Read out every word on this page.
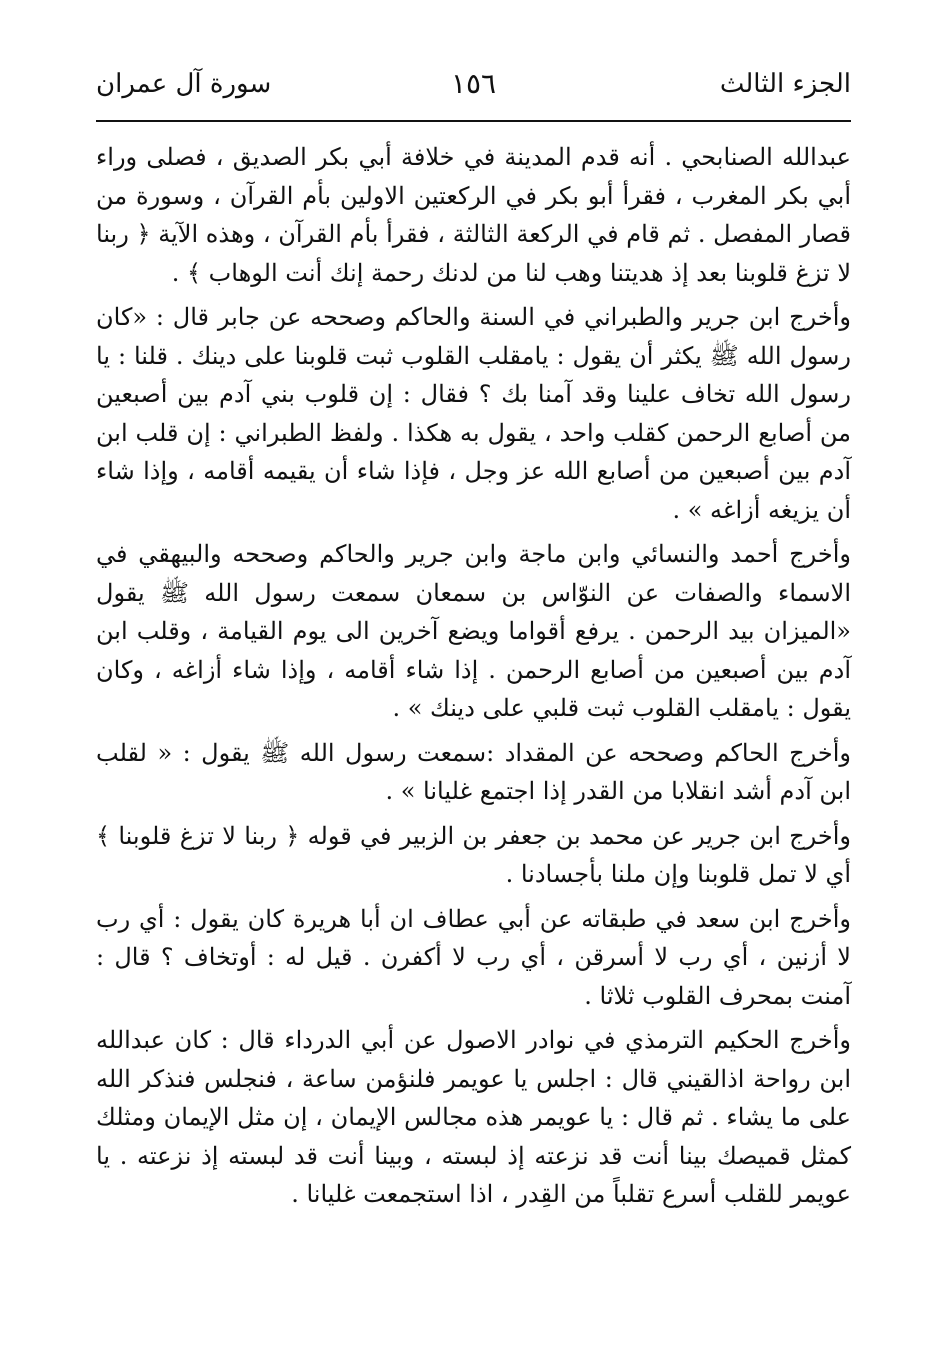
الجزء الثالث
١٥٦
سورة آل عمران

عبدالله الصنابحي . أنه قدم المدينة في خلافة أبي بكر الصديق ، فصلى وراء أبي بكر المغرب ، فقرأ أبو بكر في الركعتين الاولين بأم القرآن ، وسورة من قصار المفصل . ثم قام في الركعة الثالثة ، فقرأ بأم القرآن ، وهذه الآية ﴿ ربنا لا تزغ قلوبنا بعد إذ هديتنا وهب لنا من لدنك رحمة إنك أنت الوهاب ﴾ .

وأخرج ابن جرير والطبراني في السنة والحاكم وصححه عن جابر قال : «كان رسول الله ﷺ يكثر أن يقول : يامقلب القلوب ثبت قلوبنا على دينك . قلنا : يا رسول الله تخاف علينا وقد آمنا بك ؟ فقال : إن قلوب بني آدم بين أصبعين من أصابع الرحمن كقلب واحد ، يقول به هكذا . ولفظ الطبراني : إن قلب ابن آدم بين أصبعين من أصابع الله عز وجل ، فإذا شاء أن يقيمه أقامه ، وإذا شاء أن يزيغه أزاغه » .

وأخرج أحمد والنسائي وابن ماجة وابن جرير والحاكم وصححه والبيهقي في الاسماء والصفات عن النوّاس بن سمعان سمعت رسول الله ﷺ يقول «الميزان بيد الرحمن . يرفع أقواما ويضع آخرين الى يوم القيامة ، وقلب ابن آدم بين أصبعين من أصابع الرحمن . إذا شاء أقامه ، وإذا شاء أزاغه ، وكان يقول : يامقلب القلوب ثبت قلبي على دينك » .

وأخرج الحاكم وصححه عن المقداد :سمعت رسول الله ﷺ يقول : « لقلب ابن آدم أشد انقلابا من القدر إذا اجتمع غليانا » .

وأخرج ابن جرير عن محمد بن جعفر بن الزبير في قوله ﴿ ربنا لا تزغ قلوبنا ﴾ أي لا تمل قلوبنا وإن ملنا بأجسادنا .

وأخرج ابن سعد في طبقاته عن أبي عطاف ان أبا هريرة كان يقول : أي رب لا أزنين ، أي رب لا أسرقن ، أي رب لا أكفرن . قيل له : أوتخاف ؟ قال : آمنت بمحرف القلوب ثلاثا .

وأخرج الحكيم الترمذي في نوادر الاصول عن أبي الدرداء قال : كان عبدالله ابن رواحة اذالقيني قال : اجلس يا عويمر فلنؤمن ساعة ، فنجلس فنذكر الله على ما يشاء . ثم قال : يا عويمر هذه مجالس الإيمان ، إن مثل الإيمان ومثلك كمثل قميصك بينا أنت قد نزعته إذ لبسته ، وبينا أنت قد لبسته إذ نزعته . يا عويمر للقلب أسرع تقلباً من القِدر ، اذا استجمعت غليانا .
